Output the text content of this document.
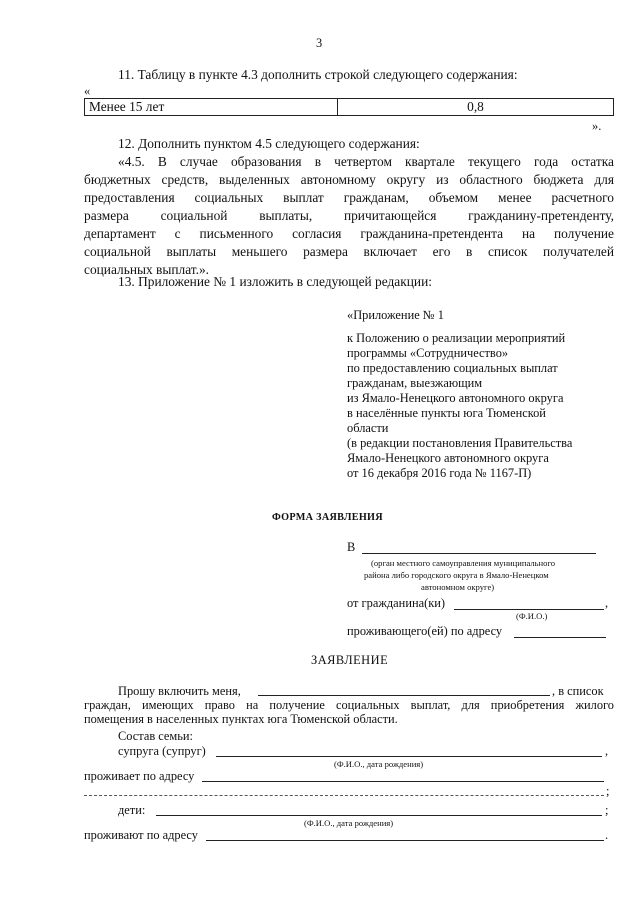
3
11. Таблицу в пункте 4.3 дополнить строкой следующего содержания:
«
Менее 15 лет	0,8
».
12. Дополнить пунктом 4.5 следующего содержания:
«4.5. В случае образования в четвертом квартале текущего года остатка
бюджетных средств, выделенных автономному округу из областного бюджета для
предоставления социальных выплат гражданам, объемом менее расчетного
размера социальной выплаты, причитающейся гражданину-претенденту,
департамент с письменного согласия гражданина-претендента на получение
социальной выплаты меньшего размера включает его в список получателей
социальных выплат.».
13. Приложение № 1 изложить в следующей редакции:
«Приложение № 1
к Положению о реализации мероприятий
программы «Сотрудничество»
по предоставлению социальных выплат
гражданам, выезжающим
из Ямало-Ненецкого автономного округа
в населённые пункты юга Тюменской
области
(в редакции постановления Правительства
Ямало-Ненецкого автономного округа
от 16 декабря 2016 года № 1167-П)
ФОРМА ЗАЯВЛЕНИЯ
В
(орган местного самоуправления муниципального
района либо городского округа в Ямало-Ненецком
автономном округе)
от гражданина(ки)	,
(Ф.И.О.)
проживающего(ей) по адресу
ЗАЯВЛЕНИЕ
Прошу включить меня,	, в список
граждан, имеющих право на получение социальных выплат, для приобретения жилого
помещения в населенных пунктах юга Тюменской области.
Состав семьи:
супруга (супруг)	,
(Ф.И.О., дата рождения)
проживает по адресу
;
дети:	;
(Ф.И.О., дата рождения)
проживают по адресу	.
